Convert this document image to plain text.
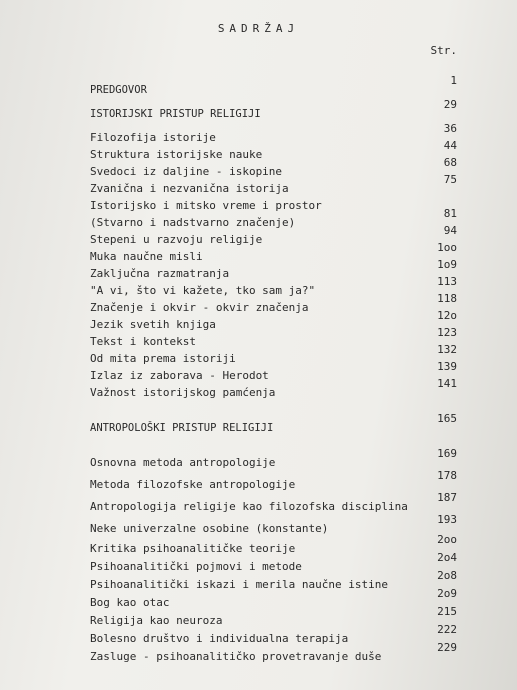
SADRŽAJ
Str.
PREDGOVOR
1
ISTORIJSKI PRISTUP RELIGIJI
29
Filozofija istorije
36
Struktura istorijske nauke
44
Svedoci iz daljine - iskopine
68
Zvanična i nezvanična istorija
75
Istorijsko i mitsko vreme i prostor
(Stvarno i nadstvarno značenje)
81
Stepeni u razvoju religije
94
Muka naučne misli
1oo
Zaključna razmatranja
1o9
"A vi, što vi kažete, tko sam ja?"
113
Značenje i okvir - okvir značenja
118
Jezik svetih knjiga
12o
Tekst i kontekst
123
Od mita prema istoriji
132
Izlaz iz zaborava - Herodot
139
Važnost istorijskog pamćenja
141
ANTROPOLOŠKI PRISTUP RELIGIJI
165
Osnovna metoda antropologije
169
Metoda filozofske antropologije
178
Antropologija religije kao filozofska disciplina
187
Neke univerzalne osobine (konstante)
193
Kritika psihoanalitičke teorije
2oo
Psihoanalitički pojmovi i metode
2o4
Psihoanalitički iskazi i merila naučne istine
2o8
Bog kao otac
2o9
Religija kao neuroza
215
Bolesno društvo i individualna terapija
222
Zasluge - psihoanalitičko provetravanje duše
229
